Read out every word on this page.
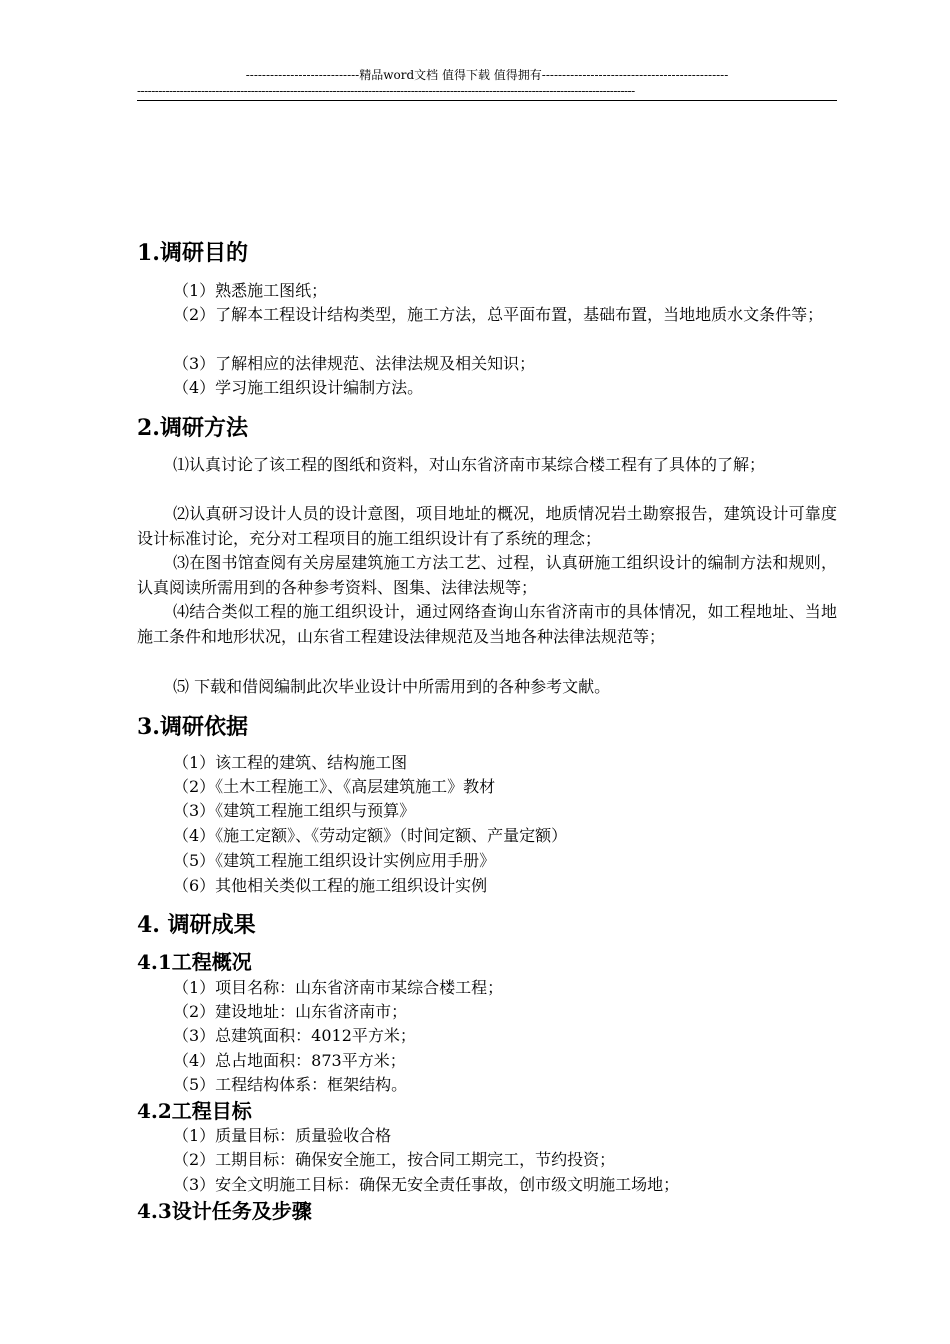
----------------------------精品word文档 值得下载 值得拥有----------------------------------------------
--------------------------------------------------------------------------------------------------------------------------------------------
1.调研目的
（1）熟悉施工图纸；
（2）了解本工程设计结构类型，施工方法，总平面布置，基础布置，当地地质水文条件等；
（3）了解相应的法律规范、法律法规及相关知识；
（4）学习施工组织设计编制方法。
2.调研方法
⑴认真讨论了该工程的图纸和资料，对山东省济南市某综合楼工程有了具体的了解；
⑵认真研习设计人员的设计意图，项目地址的概况，地质情况岩土勘察报告，建筑设计可靠度设计标准讨论，充分对工程项目的施工组织设计有了系统的理念；
⑶在图书馆查阅有关房屋建筑施工方法工艺、过程，认真研施工组织设计的编制方法和规则，认真阅读所需用到的各种参考资料、图集、法律法规等；
⑷结合类似工程的施工组织设计，通过网络查询山东省济南市的具体情况，如工程地址、当地施工条件和地形状况，山东省工程建设法律规范及当地各种法律法规范等；
⑸ 下载和借阅编制此次毕业设计中所需用到的各种参考文献。
3.调研依据
（1）该工程的建筑、结构施工图
（2）《土木工程施工》、《高层建筑施工》教材
（3）《建筑工程施工组织与预算》
（4）《施工定额》、《劳动定额》（时间定额、产量定额）
（5）《建筑工程施工组织设计实例应用手册》
（6）其他相关类似工程的施工组织设计实例
4. 调研成果
4.1工程概况
（1）项目名称：山东省济南市某综合楼工程；
（2）建设地址：山东省济南市；
（3）总建筑面积：4012平方米；
（4）总占地面积：873平方米；
（5）工程结构体系：框架结构。
4.2工程目标
（1）质量目标：质量验收合格
（2）工期目标：确保安全施工，按合同工期完工，节约投资；
（3）安全文明施工目标：确保无安全责任事故，创市级文明施工场地；
4.3设计任务及步骤
